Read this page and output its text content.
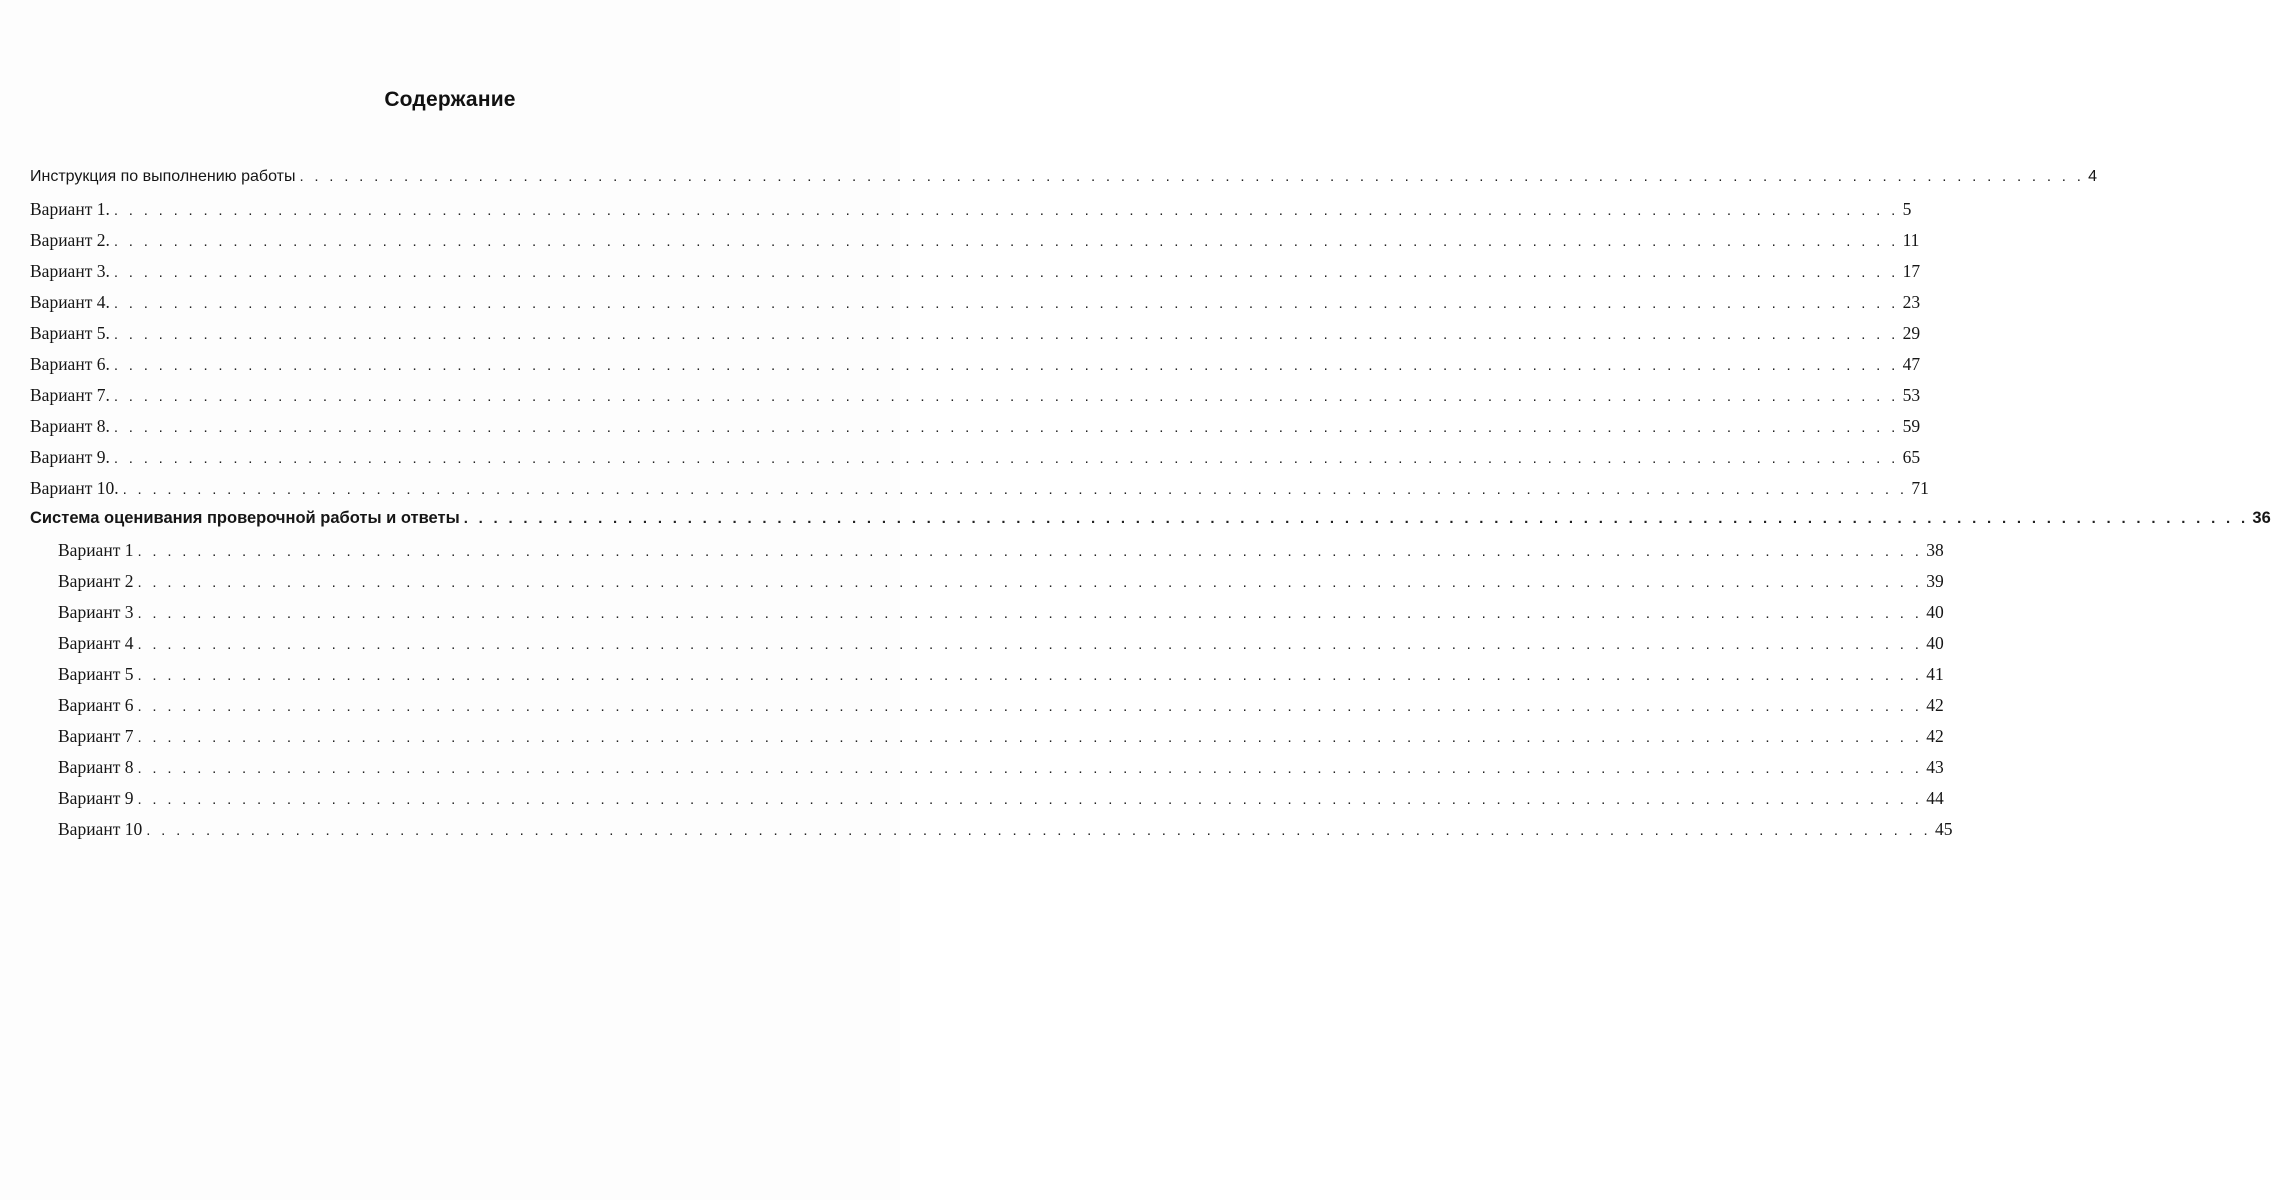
Содержание
Инструкция по выполнению работы . . . . . . . . . . . . . . . . . . . . . . . . . . . . . . . . . . . . . . . . . . . . . . . . . . . . . . . . . . . . . . . . . . . . . . . . . . . . . . . . . . . . . . . . . . . . . . . . . . . . . . . . . . . . . . . . . . . . . . . . 4
Вариант 1. . . . . . . . . . . . . . . . . . . . . . . . . . . . . . . . . . . . . . . . . . . . . . . . . . . . . . . . . . . . . . . . . . . . . . . . . . . . . . . . . . . . . . . . . . . . . . . . . . . . . . . . . . . . . . . . . . . . . . . . . 5
Вариант 2. . . . . . . . . . . . . . . . . . . . . . . . . . . . . . . . . . . . . . . . . . . . . . . . . . . . . . . . . . . . . . . . . . . . . . . . . . . . . . . . . . . . . . . . . . . . . . . . . . . . . . . . . . . . . . . . . . . . . . . . . 11
Вариант 3. . . . . . . . . . . . . . . . . . . . . . . . . . . . . . . . . . . . . . . . . . . . . . . . . . . . . . . . . . . . . . . . . . . . . . . . . . . . . . . . . . . . . . . . . . . . . . . . . . . . . . . . . . . . . . . . . . . . . . . . . 17
Вариант 4. . . . . . . . . . . . . . . . . . . . . . . . . . . . . . . . . . . . . . . . . . . . . . . . . . . . . . . . . . . . . . . . . . . . . . . . . . . . . . . . . . . . . . . . . . . . . . . . . . . . . . . . . . . . . . . . . . . . . . . . . 23
Вариант 5. . . . . . . . . . . . . . . . . . . . . . . . . . . . . . . . . . . . . . . . . . . . . . . . . . . . . . . . . . . . . . . . . . . . . . . . . . . . . . . . . . . . . . . . . . . . . . . . . . . . . . . . . . . . . . . . . . . . . . . . . 29
Вариант 6. . . . . . . . . . . . . . . . . . . . . . . . . . . . . . . . . . . . . . . . . . . . . . . . . . . . . . . . . . . . . . . . . . . . . . . . . . . . . . . . . . . . . . . . . . . . . . . . . . . . . . . . . . . . . . . . . . . . . . . . . 47
Вариант 7. . . . . . . . . . . . . . . . . . . . . . . . . . . . . . . . . . . . . . . . . . . . . . . . . . . . . . . . . . . . . . . . . . . . . . . . . . . . . . . . . . . . . . . . . . . . . . . . . . . . . . . . . . . . . . . . . . . . . . . . . 53
Вариант 8. . . . . . . . . . . . . . . . . . . . . . . . . . . . . . . . . . . . . . . . . . . . . . . . . . . . . . . . . . . . . . . . . . . . . . . . . . . . . . . . . . . . . . . . . . . . . . . . . . . . . . . . . . . . . . . . . . . . . . . . . 59
Вариант 9. . . . . . . . . . . . . . . . . . . . . . . . . . . . . . . . . . . . . . . . . . . . . . . . . . . . . . . . . . . . . . . . . . . . . . . . . . . . . . . . . . . . . . . . . . . . . . . . . . . . . . . . . . . . . . . . . . . . . . . . . 65
Вариант 10. . . . . . . . . . . . . . . . . . . . . . . . . . . . . . . . . . . . . . . . . . . . . . . . . . . . . . . . . . . . . . . . . . . . . . . . . . . . . . . . . . . . . . . . . . . . . . . . . . . . . . . . . . . . . . . . . . . . . . . . . 71
Система оценивания проверочной работы и ответы . . . . . . . . . . . . . . . . . . . . . . . . . . . . . . . . . . . . . . . . . . . . . . . . . . . . . . . . . . . . . . . . . . . . . . . . . . . . . . . . . . . . . . . . . . . . . . . . . . . . . . . . . . . . . . . . . . . . . . . . 36
Вариант 1 . . . . . . . . . . . . . . . . . . . . . . . . . . . . . . . . . . . . . . . . . . . . . . . . . . . . . . . . . . . . . . . . . . . . . . . . . . . . . . . . . . . . . . . . . . . . . . . . . . . . . . . . . . . . . . . . . . . . . . . . 38
Вариант 2 . . . . . . . . . . . . . . . . . . . . . . . . . . . . . . . . . . . . . . . . . . . . . . . . . . . . . . . . . . . . . . . . . . . . . . . . . . . . . . . . . . . . . . . . . . . . . . . . . . . . . . . . . . . . . . . . . . . . . . . . 39
Вариант 3 . . . . . . . . . . . . . . . . . . . . . . . . . . . . . . . . . . . . . . . . . . . . . . . . . . . . . . . . . . . . . . . . . . . . . . . . . . . . . . . . . . . . . . . . . . . . . . . . . . . . . . . . . . . . . . . . . . . . . . . . 40
Вариант 4 . . . . . . . . . . . . . . . . . . . . . . . . . . . . . . . . . . . . . . . . . . . . . . . . . . . . . . . . . . . . . . . . . . . . . . . . . . . . . . . . . . . . . . . . . . . . . . . . . . . . . . . . . . . . . . . . . . . . . . . . 40
Вариант 5 . . . . . . . . . . . . . . . . . . . . . . . . . . . . . . . . . . . . . . . . . . . . . . . . . . . . . . . . . . . . . . . . . . . . . . . . . . . . . . . . . . . . . . . . . . . . . . . . . . . . . . . . . . . . . . . . . . . . . . . . 41
Вариант 6 . . . . . . . . . . . . . . . . . . . . . . . . . . . . . . . . . . . . . . . . . . . . . . . . . . . . . . . . . . . . . . . . . . . . . . . . . . . . . . . . . . . . . . . . . . . . . . . . . . . . . . . . . . . . . . . . . . . . . . . . 42
Вариант 7 . . . . . . . . . . . . . . . . . . . . . . . . . . . . . . . . . . . . . . . . . . . . . . . . . . . . . . . . . . . . . . . . . . . . . . . . . . . . . . . . . . . . . . . . . . . . . . . . . . . . . . . . . . . . . . . . . . . . . . . . 42
Вариант 8 . . . . . . . . . . . . . . . . . . . . . . . . . . . . . . . . . . . . . . . . . . . . . . . . . . . . . . . . . . . . . . . . . . . . . . . . . . . . . . . . . . . . . . . . . . . . . . . . . . . . . . . . . . . . . . . . . . . . . . . . 43
Вариант 9 . . . . . . . . . . . . . . . . . . . . . . . . . . . . . . . . . . . . . . . . . . . . . . . . . . . . . . . . . . . . . . . . . . . . . . . . . . . . . . . . . . . . . . . . . . . . . . . . . . . . . . . . . . . . . . . . . . . . . . . . 44
Вариант 10 . . . . . . . . . . . . . . . . . . . . . . . . . . . . . . . . . . . . . . . . . . . . . . . . . . . . . . . . . . . . . . . . . . . . . . . . . . . . . . . . . . . . . . . . . . . . . . . . . . . . . . . . . . . . . . . . . . . . . . . . 45
